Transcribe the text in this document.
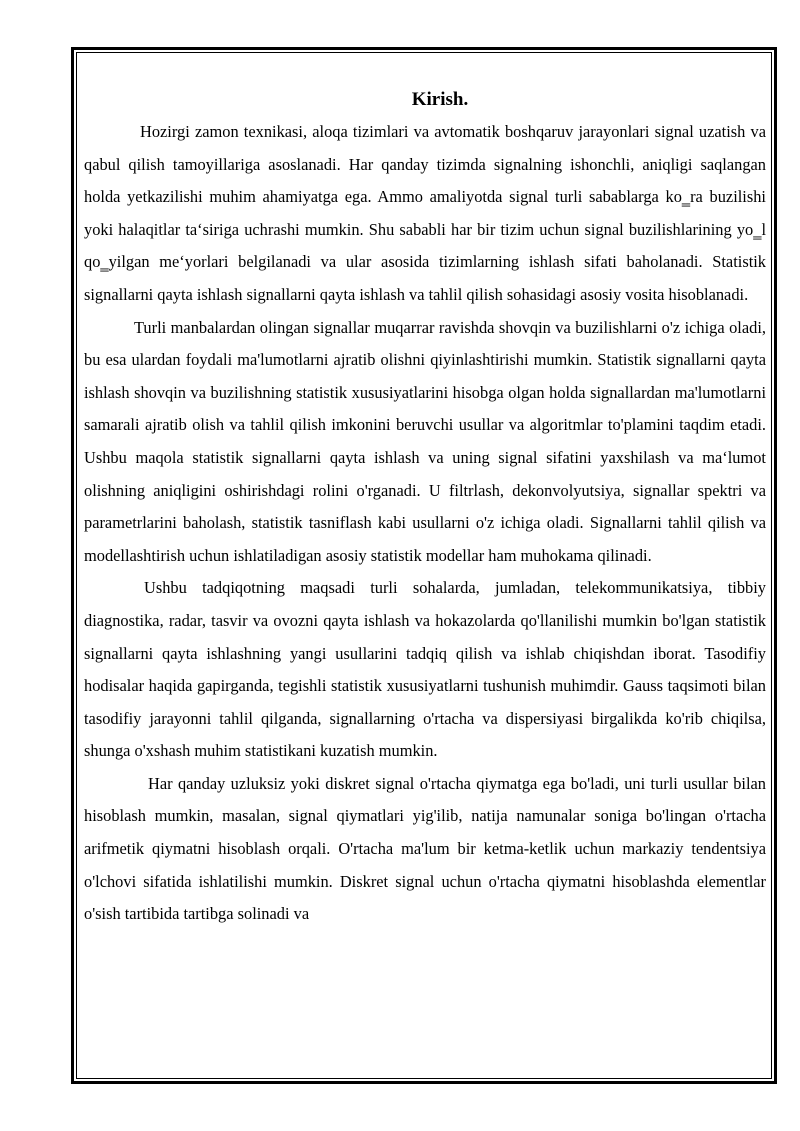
Kirish.

Hozirgi zamon texnikasi, aloqa tizimlari va avtomatik boshqaruv jarayonlari signal uzatish va qabul qilish tamoyillariga asoslanadi. Har qanday tizimda signalning ishonchli, aniqligi saqlangan holda yetkazilishi muhim ahamiyatga ega. Ammo amaliyotda signal turli sabablarga ko‗ra buzilishi yoki halaqitlar ta‘siriga uchrashi mumkin. Shu sababli har bir tizim uchun signal buzilishlarining yo‗l qo‗yilgan me‘yorlari belgilanadi va ular asosida tizimlarning ishlash sifati baholanadi. Statistik signallarni qayta ishlash signallarni qayta ishlash va tahlil qilish sohasidagi asosiy vosita hisoblanadi.

Turli manbalardan olingan signallar muqarrar ravishda shovqin va buzilishlarni o'z ichiga oladi, bu esa ulardan foydali ma'lumotlarni ajratib olishni qiyinlashtirishi mumkin. Statistik signallarni qayta ishlash shovqin va buzilishning statistik xususiyatlarini hisobga olgan holda signallardan ma'lumotlarni samarali ajratib olish va tahlil qilish imkonini beruvchi usullar va algoritmlar to'plamini taqdim etadi. Ushbu maqola statistik signallarni qayta ishlash va uning signal sifatini yaxshilash va ma‘lumot olishning aniqligini oshirishdagi rolini o'rganadi. U filtrlash, dekonvolyutsiya, signallar spektri va parametrlarini baholash, statistik tasniflash kabi usullarni o'z ichiga oladi. Signallarni tahlil qilish va modellashtirish uchun ishlatiladigan asosiy statistik modellar ham muhokama qilinadi.

Ushbu tadqiqotning maqsadi turli sohalarda, jumladan, telekommunikatsiya, tibbiy diagnostika, radar, tasvir va ovozni qayta ishlash va hokazolarda qo'llanilishi mumkin bo'lgan statistik signallarni qayta ishlashning yangi usullarini tadqiq qilish va ishlab chiqishdan iborat. Tasodifiy hodisalar haqida gapirganda, tegishli statistik xususiyatlarni tushunish muhimdir. Gauss taqsimoti bilan tasodifiy jarayonni tahlil qilganda, signallarning o'rtacha va dispersiyasi birgalikda ko'rib chiqilsa, shunga o'xshash muhim statistikani kuzatish mumkin.

Har qanday uzluksiz yoki diskret signal o'rtacha qiymatga ega bo'ladi, uni turli usullar bilan hisoblash mumkin, masalan, signal qiymatlari yig'ilib, natija namunalar soniga bo'lingan o'rtacha arifmetik qiymatni hisoblash orqali. O'rtacha ma'lum bir ketma-ketlik uchun markaziy tendentsiya o'lchovi sifatida ishlatilishi mumkin. Diskret signal uchun o'rtacha qiymatni hisoblashda elementlar o'sish tartibida tartibga solinadi va
